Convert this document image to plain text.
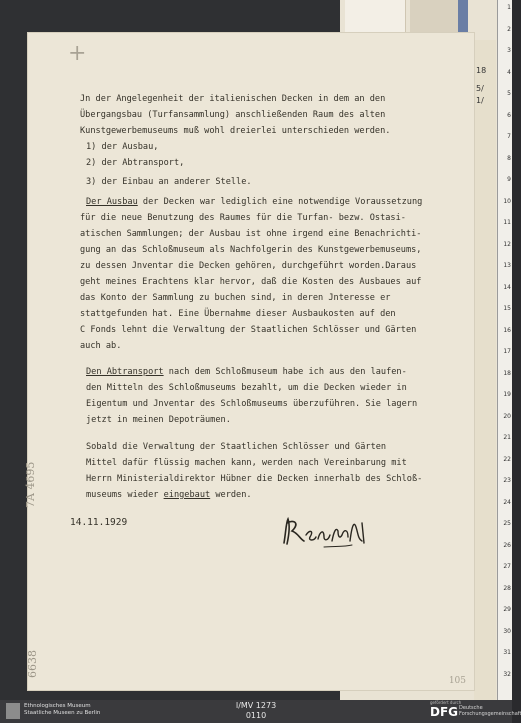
18
5/
1/
1
2
3
4
5
6
7
8
9
10
11
12
13
14
15
16
17
18
19
20
21
22
23
24
25
26
27
28
29
30
31
32
+
7A 4695
6638
Jn der Angelegenheit der italienischen Decken in dem an den
Übergangsbau (Turfansammlung) anschließenden Raum des alten
Kunstgewerbemuseums muß wohl dreierlei unterschieden werden.
1) der Ausbau,
2) der Abtransport,
3) der Einbau an anderer Stelle.
Der Ausbau der Decken war lediglich eine notwendige Voraussetzung
für die neue Benutzung des Raumes für die Turfan- bezw. Ostasi-
atischen Sammlungen; der Ausbau ist ohne irgend eine Benachrichti-
gung an das Schloßmuseum als Nachfolgerin des Kunstgewerbemuseums,
zu dessen Jnventar die Decken gehören, durchgeführt worden.Daraus
geht meines Erachtens klar hervor, daß die Kosten des Ausbaues auf
das Konto der Sammlung zu buchen sind, in deren Jnteresse er
stattgefunden hat. Eine Übernahme dieser Ausbaukosten auf den
C Fonds lehnt die Verwaltung der Staatlichen Schlösser und Gärten
auch ab.
Den Abtransport nach dem Schloßmuseum habe ich aus den laufen-
den Mitteln des Schloßmuseums bezahlt, um die Decken wieder in
Eigentum und Jnventar des Schloßmuseums überzuführen. Sie lagern
jetzt in meinen Depoträumen.
Sobald die Verwaltung der Staatlichen Schlösser und Gärten
Mittel dafür flüssig machen kann, werden nach Vereinbarung mit
Herrn Ministerialdirektor Hübner die Decken innerhalb des Schloß-
museums wieder eingebaut werden.
14.11.1929
105
Ethnologisches Museum
Staatliche Museen zu Berlin
I/MV 1273
0110
gefördert durch
DFG Deutsche
Forschungsgemeinschaft
